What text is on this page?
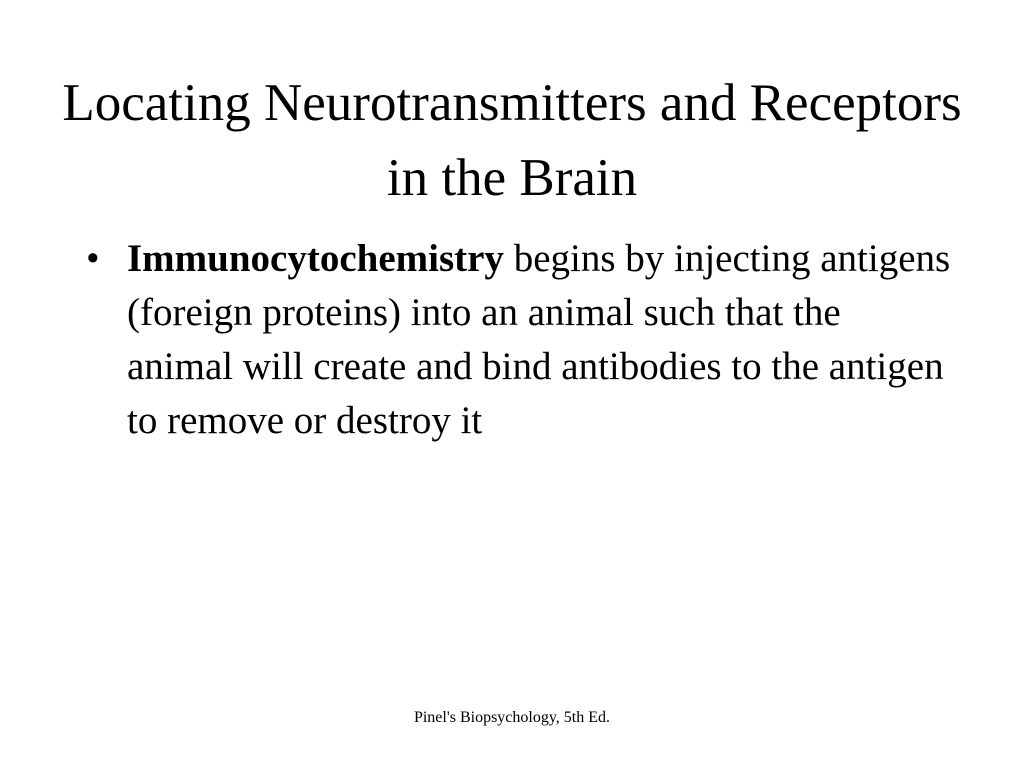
Locating Neurotransmitters and Receptors in the Brain
• Immunocytochemistry begins by injecting antigens (foreign proteins) into an animal such that the animal will create and bind antibodies to the antigen to remove or destroy it
Pinel's Biopsychology, 5th Ed.
